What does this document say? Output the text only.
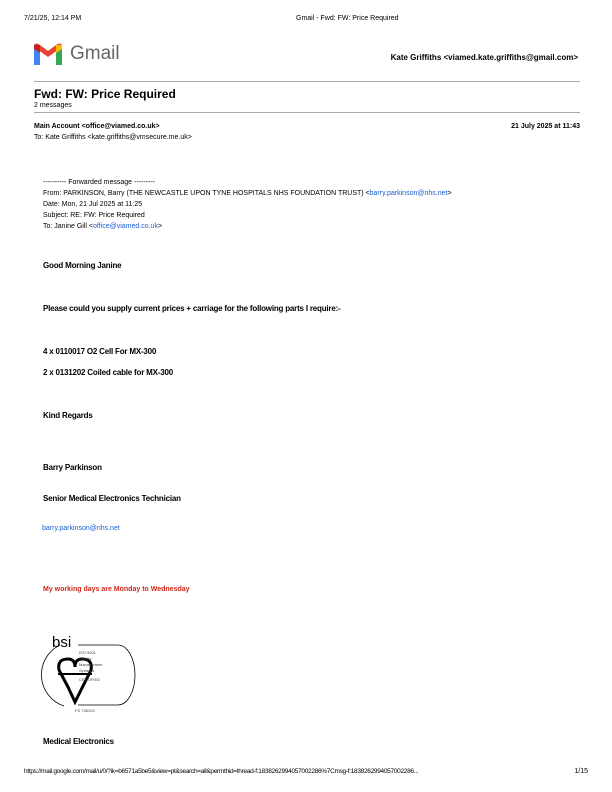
7/21/25, 12:14 PM	Gmail - Fwd: FW: Price Required
Gmail	Kate Griffiths <viamed.kate.griffiths@gmail.com>
Fwd: FW: Price Required
2 messages
Main Account <office@viamed.co.uk>	21 July 2025 at 11:43
To: Kate Griffiths <kate.griffiths@vmsecure.me.uk>
---------- Forwarded message ---------
From: PARKINSON, Barry (THE NEWCASTLE UPON TYNE HOSPITALS NHS FOUNDATION TRUST) <barry.parkinson@nhs.net>
Date: Mon, 21 Jul 2025 at 11:25
Subject: RE: FW: Price Required
To: Janine Gill <office@viamed.co.uk>
Good Morning Janine
Please could you supply current prices + carriage for the following parts I require:-
4 x 0110017 O2 Cell For MX-300
2 x 0131202 Coiled cable for MX-300
Kind Regards
Barry Parkinson
Senior Medical Electronics Technician
barry.parkinson@nhs.net
My working days are Monday to Wednesday
bsi
ISO 9001
Quality
Management
Systems
CERTIFIED
FS 738103
Medical Electronics
https://mail.google.com/mail/u/0/?ik=b6571a5be5&view=pt&search=all&permthid=thread-f:1838262994057002286%7Cmsg-f:1838262994057002286...	1/15
